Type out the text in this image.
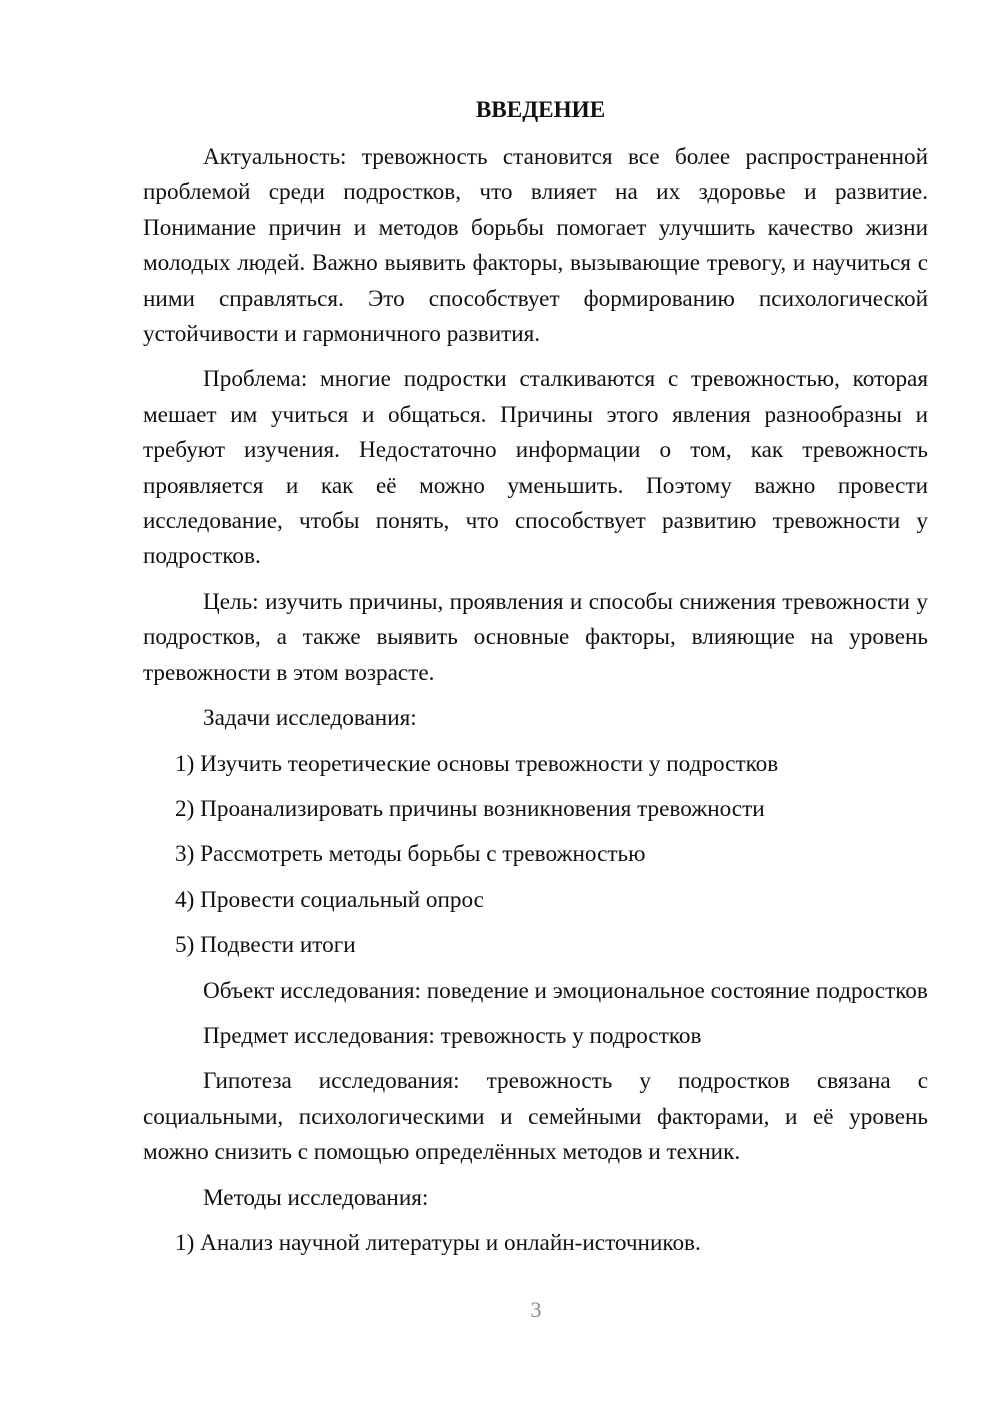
ВВЕДЕНИЕ

Актуальность: тревожность становится все более распространенной проблемой среди подростков, что влияет на их здоровье и развитие. Понимание причин и методов борьбы помогает улучшить качество жизни молодых людей. Важно выявить факторы, вызывающие тревогу, и научиться с ними справляться. Это способствует формированию психологической устойчивости и гармоничного развития.

Проблема: многие подростки сталкиваются с тревожностью, которая мешает им учиться и общаться. Причины этого явления разнообразны и требуют изучения. Недостаточно информации о том, как тревожность проявляется и как её можно уменьшить. Поэтому важно провести исследование, чтобы понять, что способствует развитию тревожности у подростков.

Цель: изучить причины, проявления и способы снижения тревожности у подростков, а также выявить основные факторы, влияющие на уровень тревожности в этом возрасте.

Задачи исследования:

1) Изучить теоретические основы тревожности у подростков

2) Проанализировать причины возникновения тревожности

3) Рассмотреть методы борьбы с тревожностью

4) Провести социальный опрос

5) Подвести итоги

Объект исследования: поведение и эмоциональное состояние подростков

Предмет исследования: тревожность у подростков

Гипотеза исследования: тревожность у подростков связана с социальными, психологическими и семейными факторами, и её уровень можно снизить с помощью определённых методов и техник.

Методы исследования:

1) Анализ научной литературы и онлайн-источников.

3
